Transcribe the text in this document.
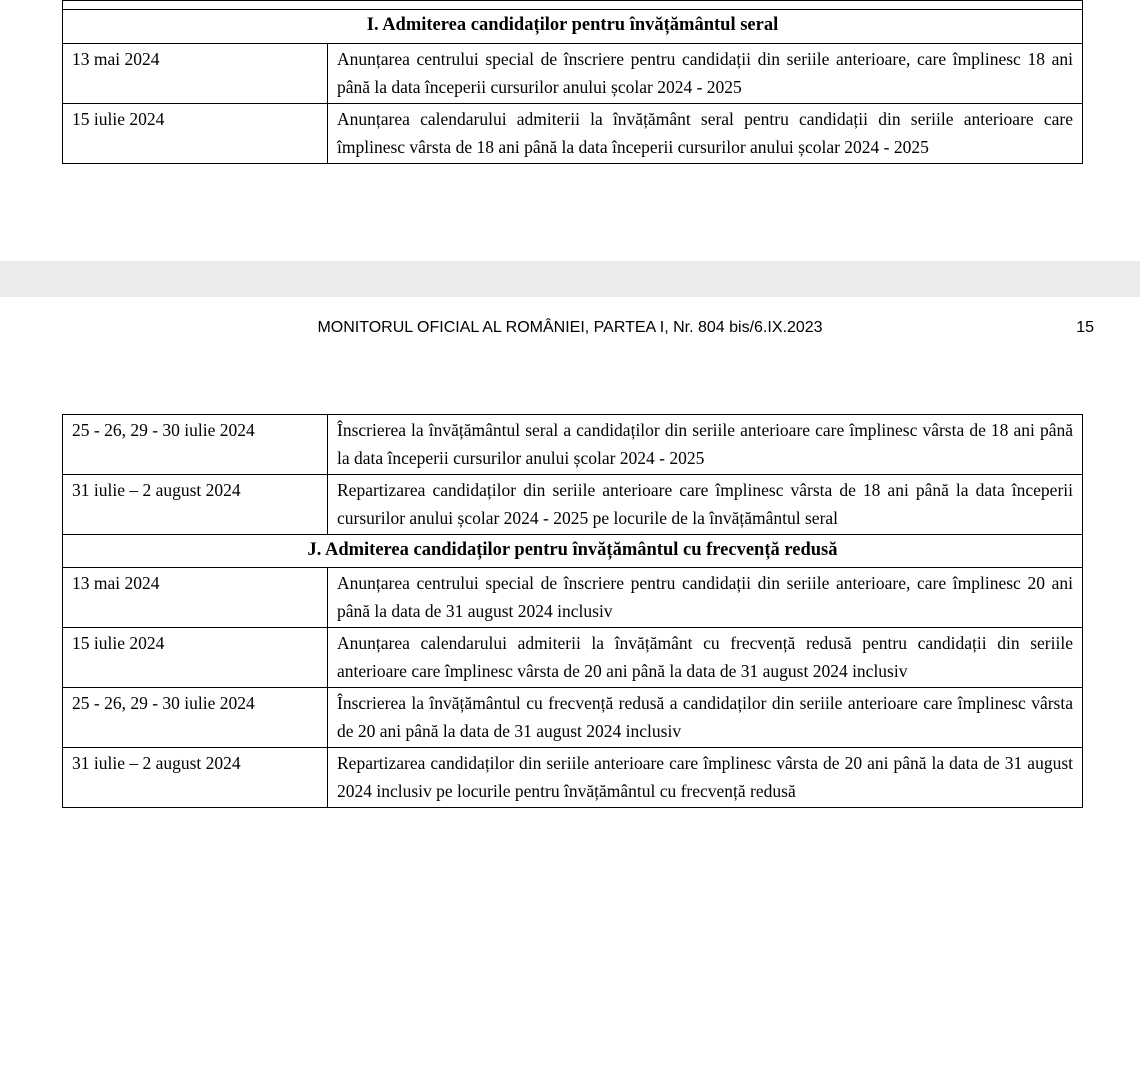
I. Admiterea candidaților pentru învățământul seral	
13 mai 2024	Anunțarea centrului special de înscriere pentru candidații din seriile anterioare, care împlinesc 18 ani până la data începerii cursurilor anului școlar 2024 - 2025
15 iulie 2024	Anunțarea calendarului admiterii la învățământ seral pentru candidații din seriile anterioare care împlinesc vârsta de 18 ani până la data începerii cursurilor anului școlar 2024 - 2025
MONITORUL OFICIAL AL ROMÂNIEI, PARTEA I, Nr. 804 bis/6.IX.2023	15
25 - 26, 29 - 30 iulie 2024	Înscrierea la învățământul seral a candidaților din seriile anterioare care împlinesc vârsta de 18 ani până la data începerii cursurilor anului școlar 2024 - 2025
31 iulie – 2 august 2024	Repartizarea candidaților din seriile anterioare care împlinesc vârsta de 18 ani până la data începerii cursurilor anului școlar 2024 - 2025 pe locurile de la învățământul seral
J. Admiterea candidaților pentru învățământul cu frecvență redusă	
13 mai 2024	Anunțarea centrului special de înscriere pentru candidații din seriile anterioare, care împlinesc 20 ani până la data de 31 august 2024 inclusiv
15 iulie 2024	Anunțarea calendarului admiterii la învățământ cu frecvență redusă pentru candidații din seriile anterioare care împlinesc vârsta de 20 ani până la data de 31 august 2024 inclusiv
25 - 26, 29 - 30 iulie 2024	Înscrierea la învățământul cu frecvență redusă a candidaților din seriile anterioare care împlinesc vârsta de 20 ani până la data de 31 august 2024 inclusiv
31 iulie – 2 august 2024	Repartizarea candidaților din seriile anterioare care împlinesc vârsta de 20 ani până la data de 31 august 2024 inclusiv pe locurile pentru învățământul cu frecvență redusă
